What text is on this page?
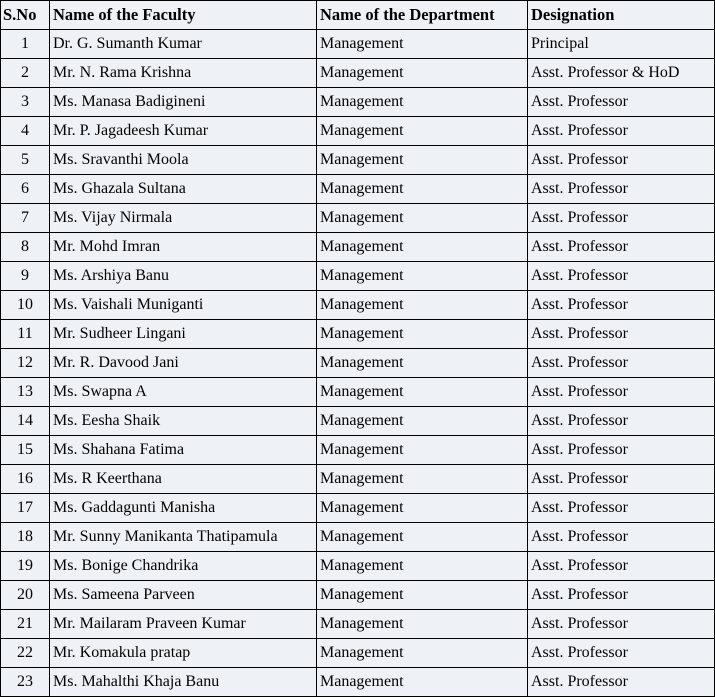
S.No	Name of the Faculty	Name of the Department	Designation
1	Dr. G. Sumanth Kumar	Management	Principal
2	Mr. N. Rama Krishna	Management	Asst. Professor & HoD
3	Ms. Manasa Badigineni	Management	Asst. Professor
4	Mr. P. Jagadeesh Kumar	Management	Asst. Professor
5	Ms. Sravanthi Moola	Management	Asst. Professor
6	Ms. Ghazala Sultana	Management	Asst. Professor
7	Ms. Vijay Nirmala	Management	Asst. Professor
8	Mr. Mohd Imran	Management	Asst. Professor
9	Ms. Arshiya Banu	Management	Asst. Professor
10	Ms. Vaishali Muniganti	Management	Asst. Professor
11	Mr. Sudheer Lingani	Management	Asst. Professor
12	Mr. R. Davood Jani	Management	Asst. Professor
13	Ms. Swapna A	Management	Asst. Professor
14	Ms. Eesha Shaik	Management	Asst. Professor
15	Ms. Shahana Fatima	Management	Asst. Professor
16	Ms. R Keerthana	Management	Asst. Professor
17	Ms. Gaddagunti Manisha	Management	Asst. Professor
18	Mr. Sunny Manikanta Thatipamula	Management	Asst. Professor
19	Ms. Bonige Chandrika	Management	Asst. Professor
20	Ms. Sameena Parveen	Management	Asst. Professor
21	Mr. Mailaram Praveen Kumar	Management	Asst. Professor
22	Mr. Komakula pratap	Management	Asst. Professor
23	Ms. Mahalthi Khaja Banu	Management	Asst. Professor
